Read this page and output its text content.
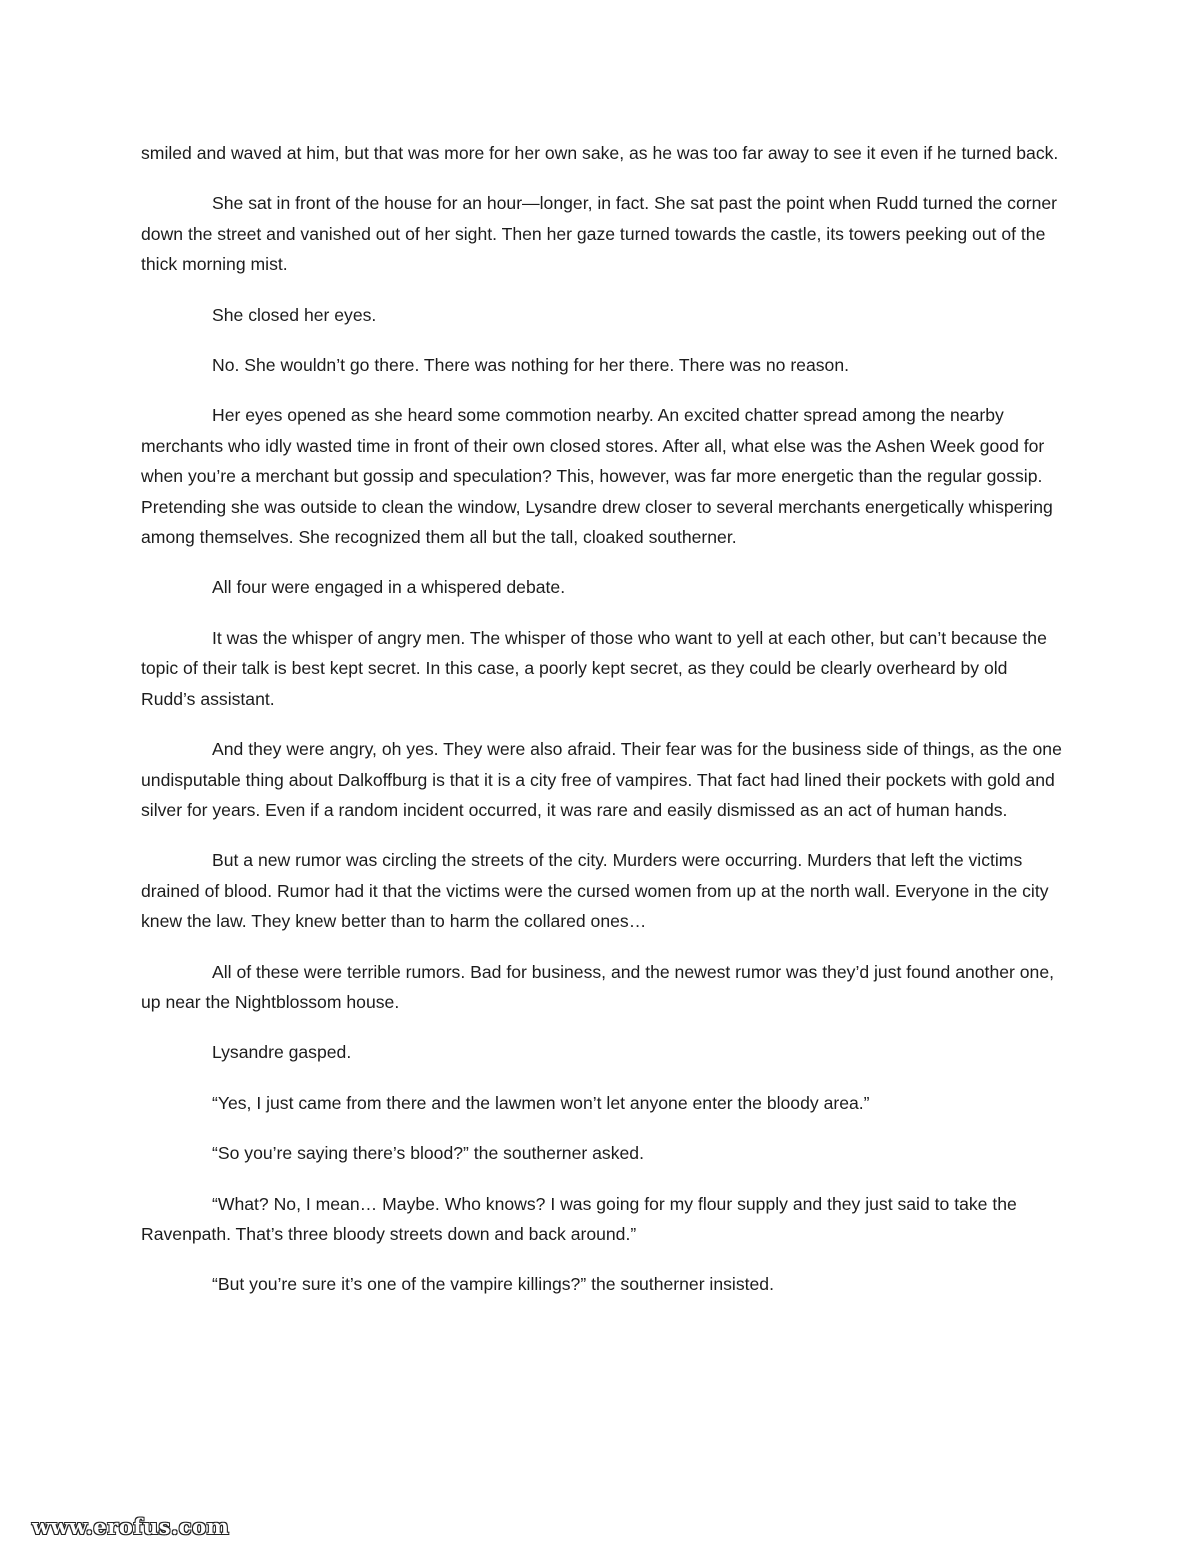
smiled and waved at him, but that was more for her own sake, as he was too far away to see it even if he turned back.

She sat in front of the house for an hour—longer, in fact. She sat past the point when Rudd turned the corner down the street and vanished out of her sight. Then her gaze turned towards the castle, its towers peeking out of the thick morning mist.

She closed her eyes.

No. She wouldn’t go there. There was nothing for her there. There was no reason.

Her eyes opened as she heard some commotion nearby. An excited chatter spread among the nearby merchants who idly wasted time in front of their own closed stores. After all, what else was the Ashen Week good for when you’re a merchant but gossip and speculation? This, however, was far more energetic than the regular gossip. Pretending she was outside to clean the window, Lysandre drew closer to several merchants energetically whispering among themselves. She recognized them all but the tall, cloaked southerner.

All four were engaged in a whispered debate.

It was the whisper of angry men. The whisper of those who want to yell at each other, but can’t because the topic of their talk is best kept secret. In this case, a poorly kept secret, as they could be clearly overheard by old Rudd’s assistant.

And they were angry, oh yes. They were also afraid. Their fear was for the business side of things, as the one undisputable thing about Dalkoffburg is that it is a city free of vampires. That fact had lined their pockets with gold and silver for years. Even if a random incident occurred, it was rare and easily dismissed as an act of human hands.

But a new rumor was circling the streets of the city. Murders were occurring. Murders that left the victims drained of blood. Rumor had it that the victims were the cursed women from up at the north wall. Everyone in the city knew the law. They knew better than to harm the collared ones…

All of these were terrible rumors. Bad for business, and the newest rumor was they’d just found another one, up near the Nightblossom house.

Lysandre gasped.

“Yes, I just came from there and the lawmen won’t let anyone enter the bloody area.”

“So you’re saying there’s blood?” the southerner asked.

“What? No, I mean… Maybe. Who knows? I was going for my flour supply and they just said to take the Ravenpath. That’s three bloody streets down and back around.”

“But you’re sure it’s one of the vampire killings?” the southerner insisted.

www.erofus.com
